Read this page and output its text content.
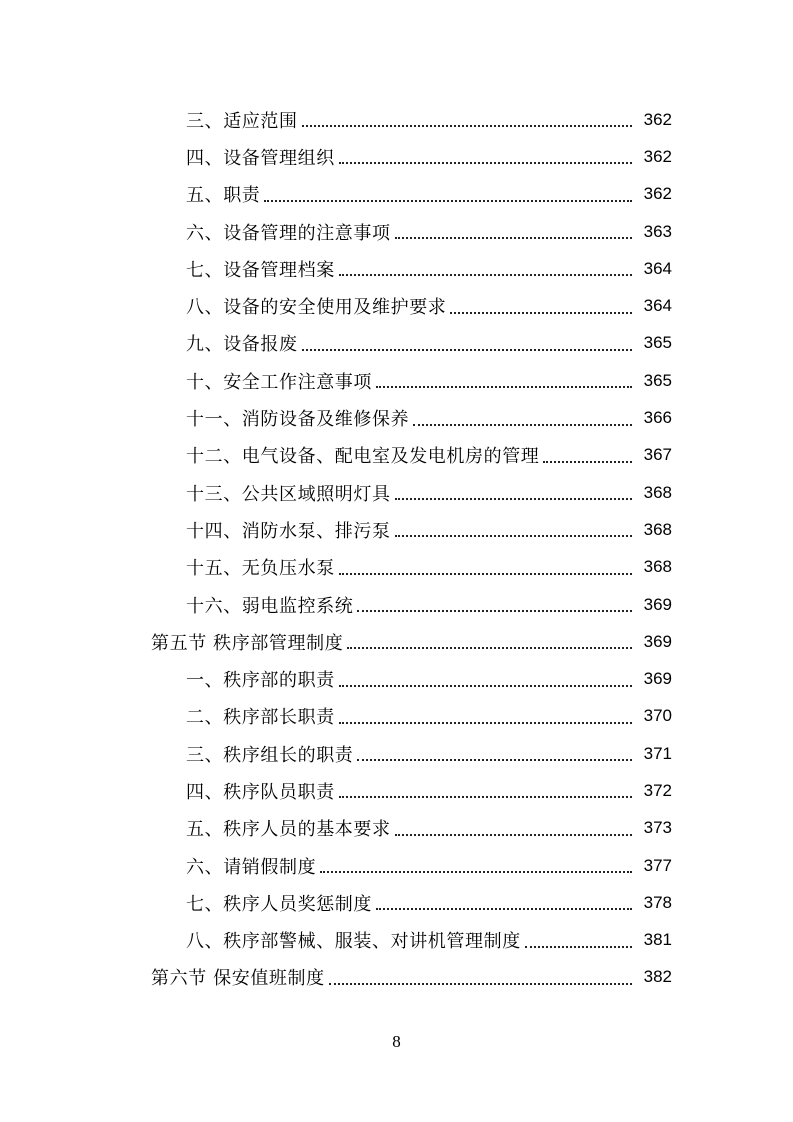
三、适应范围	362
四、设备管理组织	362
五、职责	362
六、设备管理的注意事项	363
七、设备管理档案	364
八、设备的安全使用及维护要求	364
九、设备报废	365
十、安全工作注意事项	365
十一、消防设备及维修保养	366
十二、电气设备、配电室及发电机房的管理	367
十三、公共区域照明灯具	368
十四、消防水泵、排污泵	368
十五、无负压水泵	368
十六、弱电监控系统	369
第五节 秩序部管理制度	369
一、秩序部的职责	369
二、秩序部长职责	370
三、秩序组长的职责	371
四、秩序队员职责	372
五、秩序人员的基本要求	373
六、请销假制度	377
七、秩序人员奖惩制度	378
八、秩序部警械、服装、对讲机管理制度	381
第六节 保安值班制度	382
8
